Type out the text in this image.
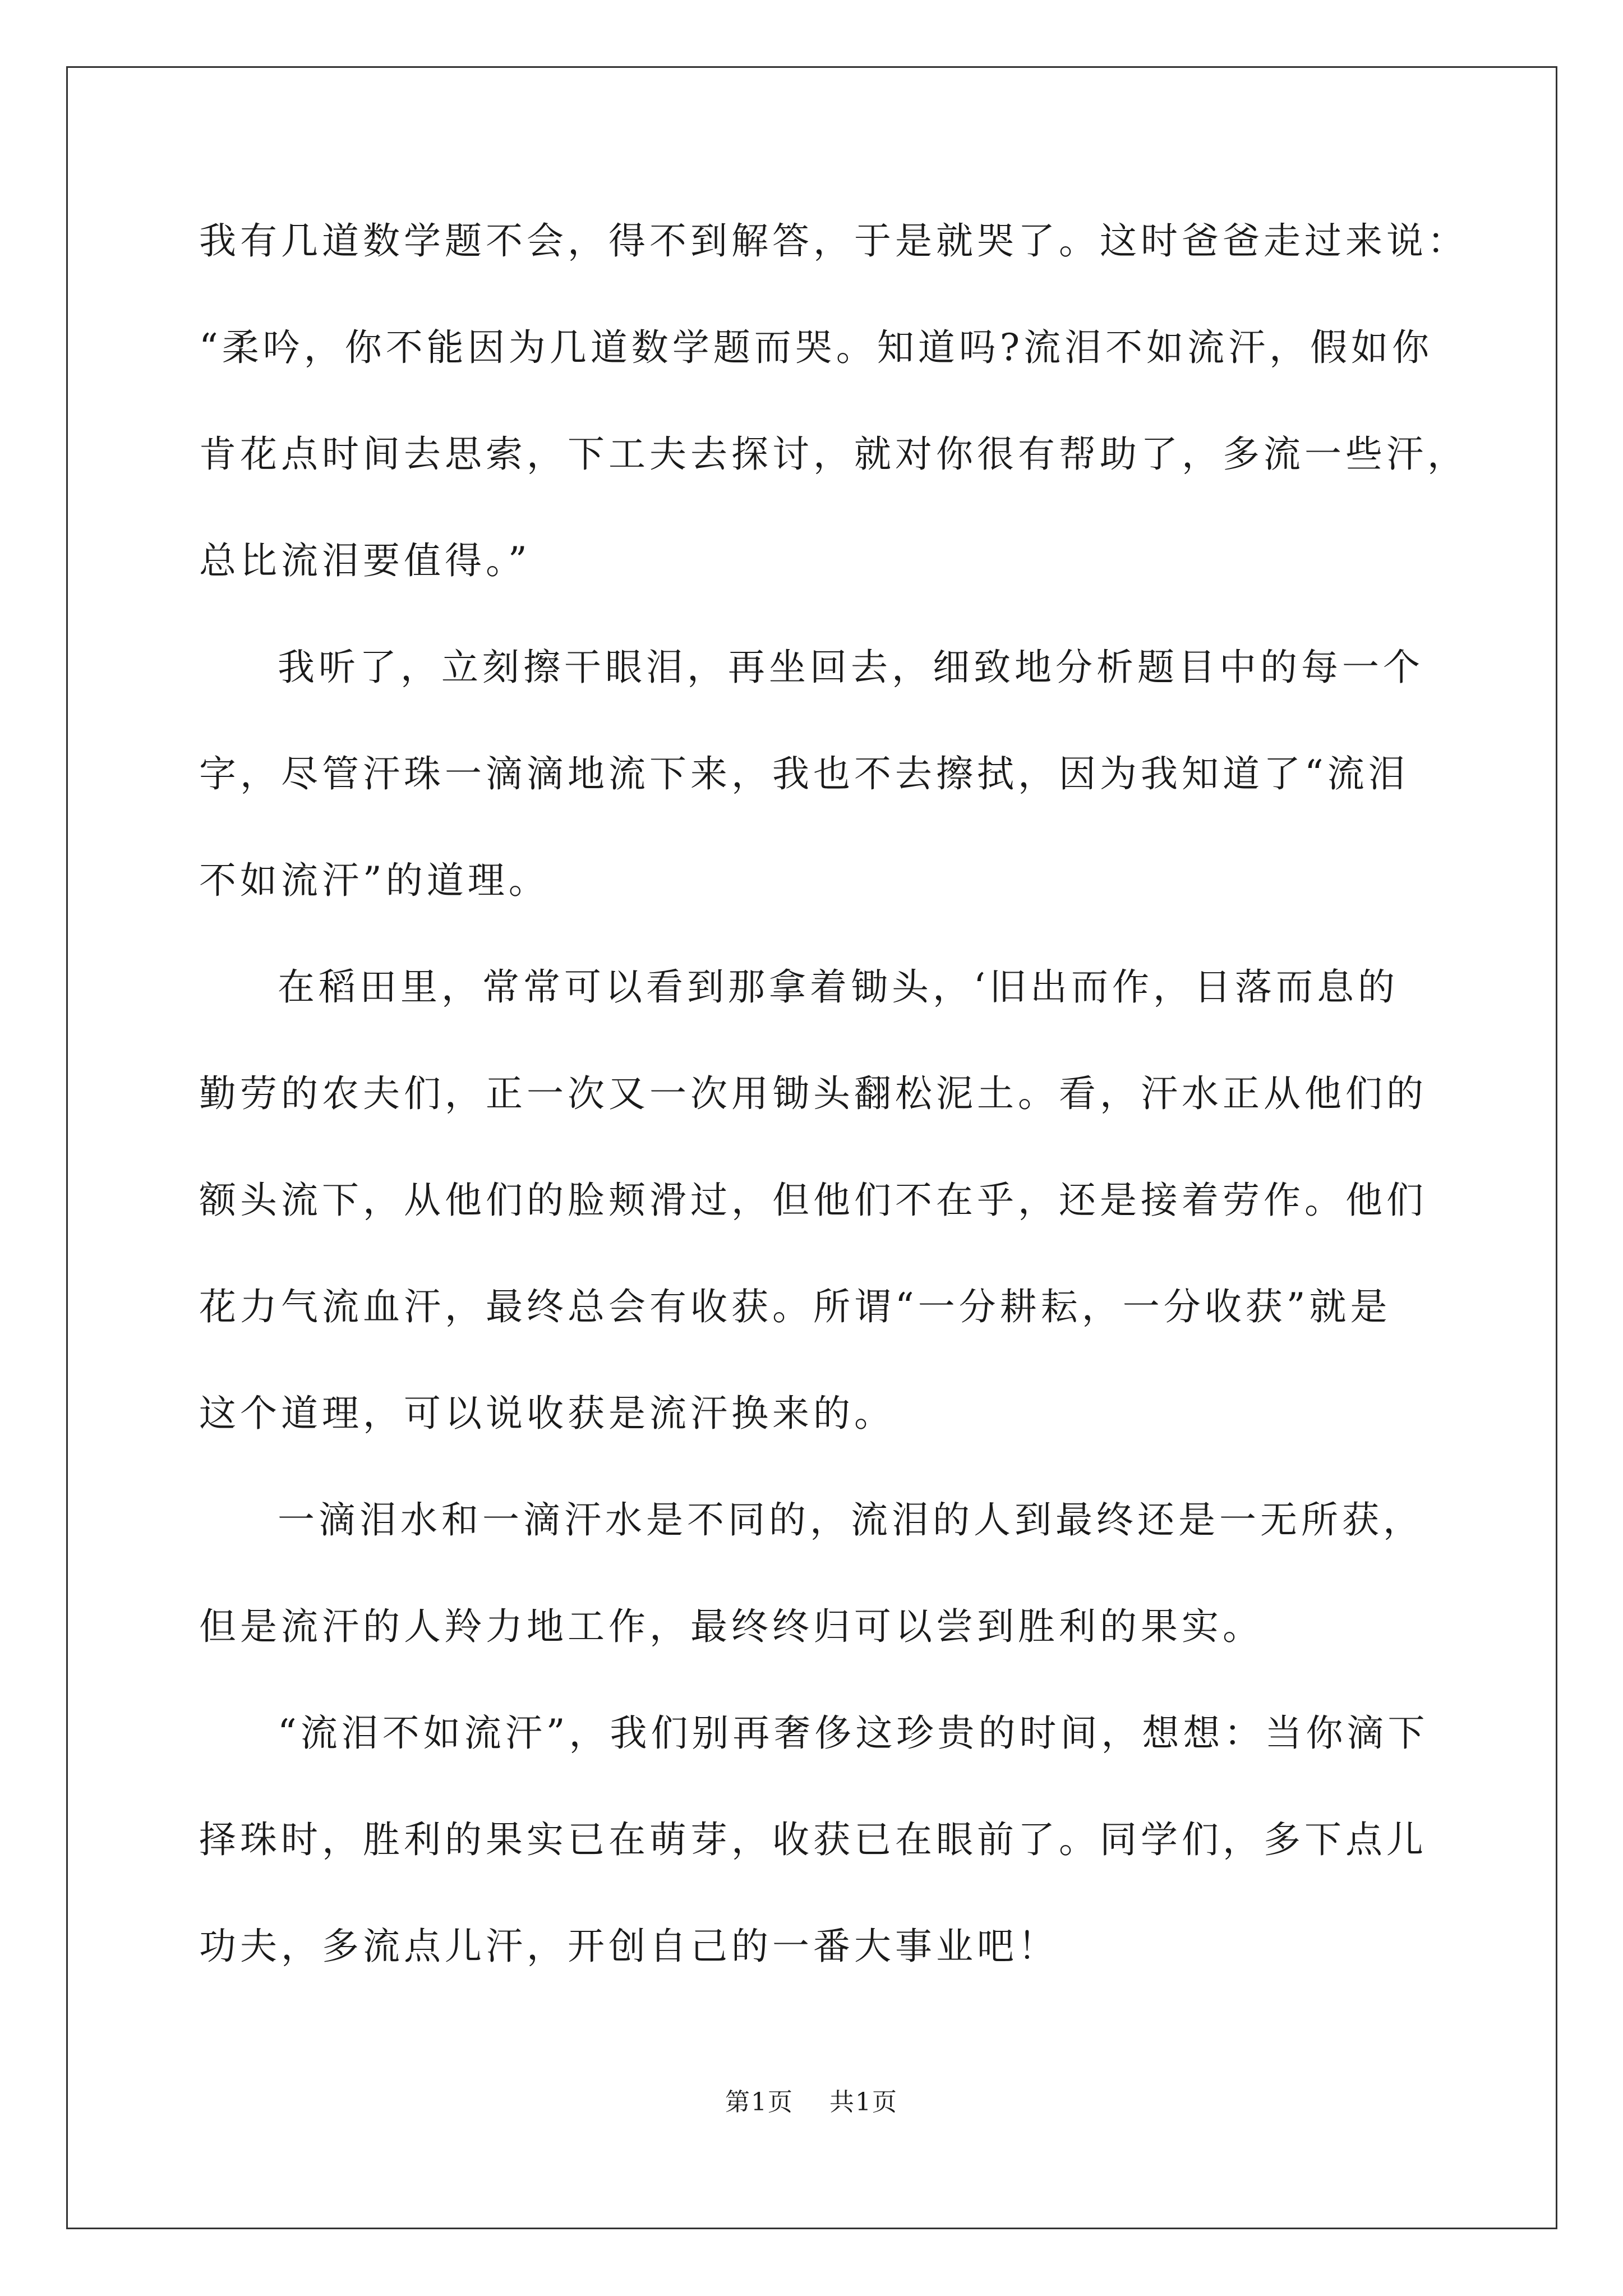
我有几道数学题不会，得不到解答，于是就哭了。这时爸爸走过来说：
“柔吟，你不能因为几道数学题而哭。知道吗?流泪不如流汗，假如你
肯花点时间去思索，下工夫去探讨，就对你很有帮助了，多流一些汗，
总比流泪要值得。”
我听了，立刻擦干眼泪，再坐回去，细致地分析题目中的每一个
字，尽管汗珠一滴滴地流下来，我也不去擦拭，因为我知道了“流泪
不如流汗”的道理。
在稻田里，常常可以看到那拿着锄头，‘旧出而作，日落而息的
勤劳的农夫们，正一次又一次用锄头翻松泥土。看，汗水正从他们的
额头流下，从他们的脸颊滑过，但他们不在乎，还是接着劳作。他们
花力气流血汗，最终总会有收获。所谓“一分耕耘，一分收获”就是
这个道理，可以说收获是流汗换来的。
一滴泪水和一滴汗水是不同的，流泪的人到最终还是一无所获，
但是流汗的人羚力地工作，最终终归可以尝到胜利的果实。
“流泪不如流汗”，我们别再奢侈这珍贵的时间，想想：当你滴下
择珠时，胜利的果实已在萌芽，收获已在眼前了。同学们，多下点儿
功夫，多流点儿汗，开创自己的一番大事业吧！
第1页 共1页
